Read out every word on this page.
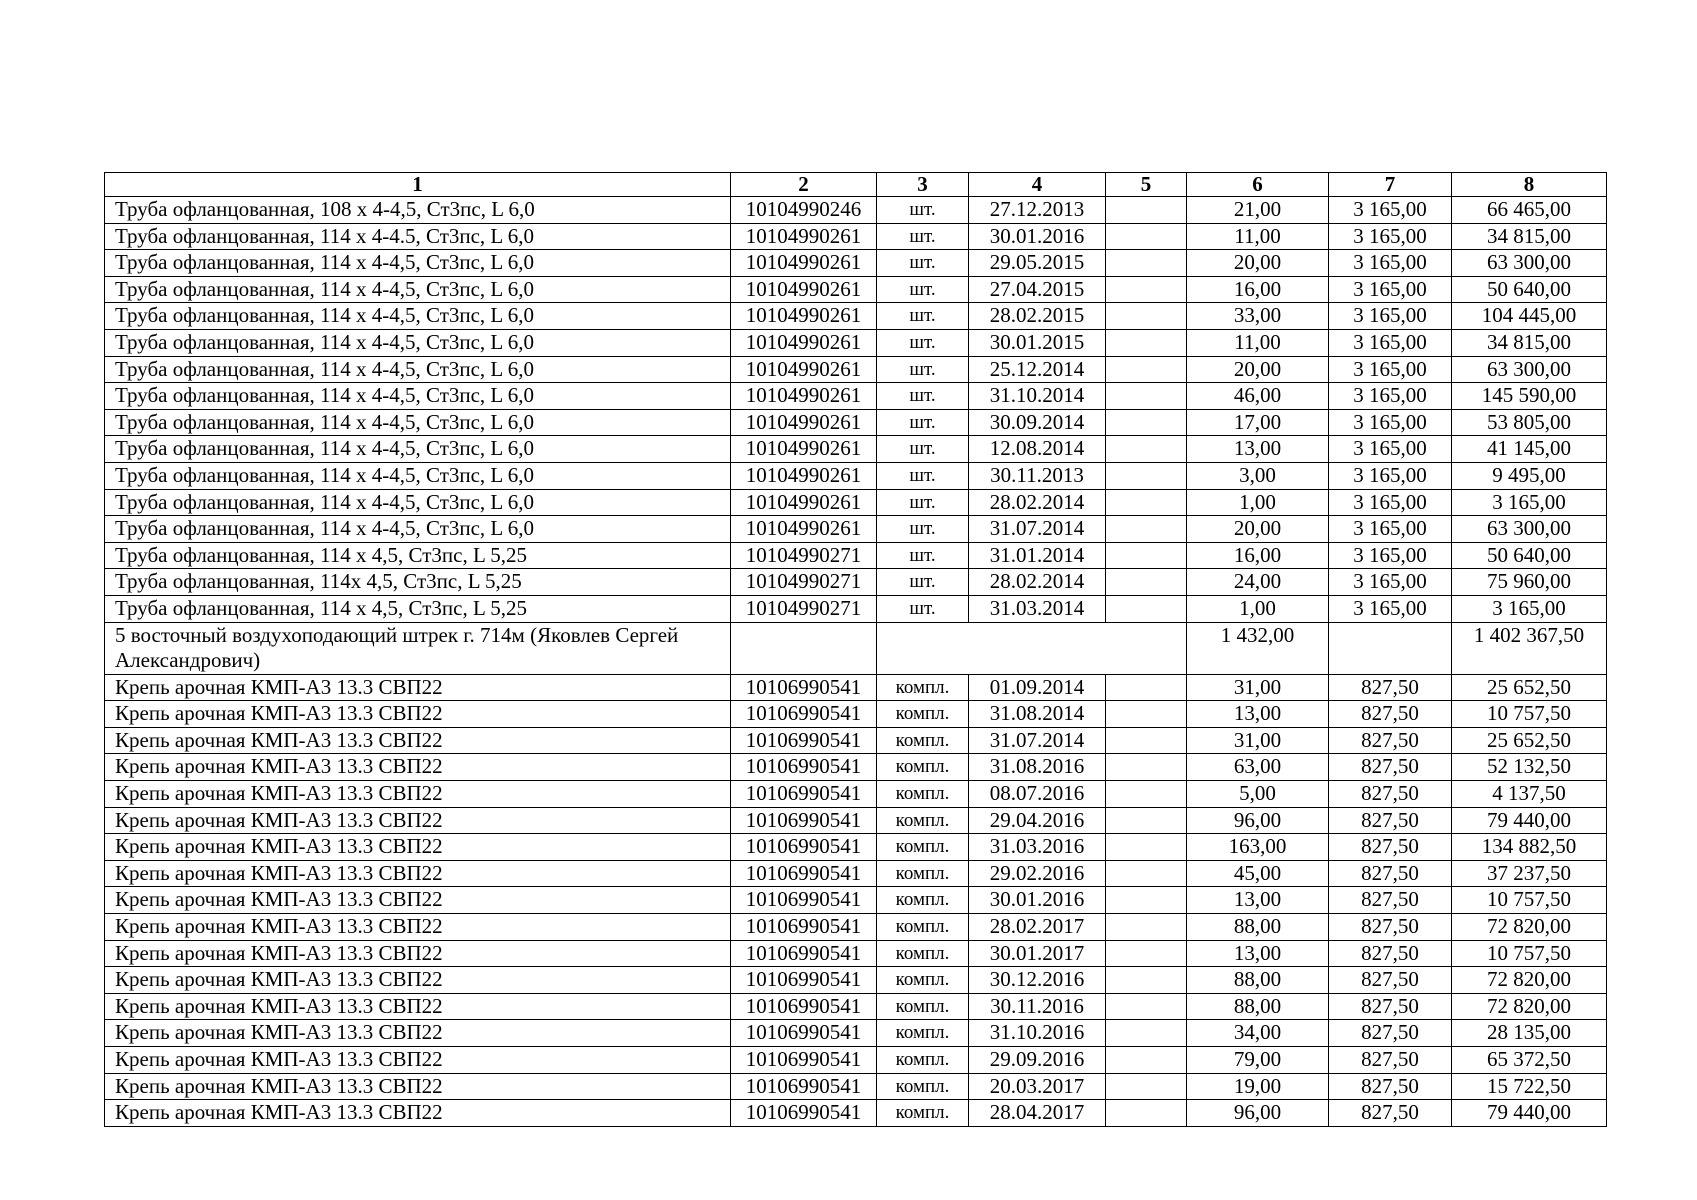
1	2	3	4	5	6	7	8
Труба офланцованная, 108 х 4-4,5, Ст3пс, L 6,0	10104990246	шт.	27.12.2013		21,00	3 165,00	66 465,00
Труба офланцованная, 114 х 4-4.5, Ст3пс, L 6,0	10104990261	шт.	30.01.2016		11,00	3 165,00	34 815,00
Труба офланцованная, 114 х 4-4,5, Ст3пс, L 6,0	10104990261	шт.	29.05.2015		20,00	3 165,00	63 300,00
Труба офланцованная, 114 х 4-4,5, Ст3пс, L 6,0	10104990261	шт.	27.04.2015		16,00	3 165,00	50 640,00
Труба офланцованная, 114 х 4-4,5, Ст3пс, L 6,0	10104990261	шт.	28.02.2015		33,00	3 165,00	104 445,00
Труба офланцованная, 114 х 4-4,5, Ст3пс, L 6,0	10104990261	шт.	30.01.2015		11,00	3 165,00	34 815,00
Труба офланцованная, 114 х 4-4,5, Ст3пс, L 6,0	10104990261	шт.	25.12.2014		20,00	3 165,00	63 300,00
Труба офланцованная, 114 х 4-4,5, Ст3пс, L 6,0	10104990261	шт.	31.10.2014		46,00	3 165,00	145 590,00
Труба офланцованная, 114 х 4-4,5, Ст3пс, L 6,0	10104990261	шт.	30.09.2014		17,00	3 165,00	53 805,00
Труба офланцованная, 114 х 4-4,5, Ст3пс, L 6,0	10104990261	шт.	12.08.2014		13,00	3 165,00	41 145,00
Труба офланцованная, 114 х 4-4,5, Ст3пс, L 6,0	10104990261	шт.	30.11.2013		3,00	3 165,00	9 495,00
Труба офланцованная, 114 х 4-4,5, Ст3пс, L 6,0	10104990261	шт.	28.02.2014		1,00	3 165,00	3 165,00
Труба офланцованная, 114 х 4-4,5, Ст3пс, L 6,0	10104990261	шт.	31.07.2014		20,00	3 165,00	63 300,00
Труба офланцованная, 114 х 4,5, Ст3пс, L 5,25	10104990271	шт.	31.01.2014		16,00	3 165,00	50 640,00
Труба офланцованная, 114х 4,5, Ст3пс, L 5,25	10104990271	шт.	28.02.2014		24,00	3 165,00	75 960,00
Труба офланцованная, 114 х 4,5, Ст3пс, L 5,25	10104990271	шт.	31.03.2014		1,00	3 165,00	3 165,00
5 восточный воздухоподающий штрек г. 714м (Яковлев Сергей Александрович)					1 432,00		1 402 367,50
Крепь арочная КМП-А3 13.3 СВП22	10106990541	компл.	01.09.2014		31,00	827,50	25 652,50
Крепь арочная КМП-А3 13.3 СВП22	10106990541	компл.	31.08.2014		13,00	827,50	10 757,50
Крепь арочная КМП-А3 13.3 СВП22	10106990541	компл.	31.07.2014		31,00	827,50	25 652,50
Крепь арочная КМП-А3 13.3 СВП22	10106990541	компл.	31.08.2016		63,00	827,50	52 132,50
Крепь арочная КМП-А3 13.3 СВП22	10106990541	компл.	08.07.2016		5,00	827,50	4 137,50
Крепь арочная КМП-А3 13.3 СВП22	10106990541	компл.	29.04.2016		96,00	827,50	79 440,00
Крепь арочная КМП-А3 13.3 СВП22	10106990541	компл.	31.03.2016		163,00	827,50	134 882,50
Крепь арочная КМП-А3 13.3 СВП22	10106990541	компл.	29.02.2016		45,00	827,50	37 237,50
Крепь арочная КМП-А3 13.3 СВП22	10106990541	компл.	30.01.2016		13,00	827,50	10 757,50
Крепь арочная КМП-А3 13.3 СВП22	10106990541	компл.	28.02.2017		88,00	827,50	72 820,00
Крепь арочная КМП-А3 13.3 СВП22	10106990541	компл.	30.01.2017		13,00	827,50	10 757,50
Крепь арочная КМП-А3 13.3 СВП22	10106990541	компл.	30.12.2016		88,00	827,50	72 820,00
Крепь арочная КМП-А3 13.3 СВП22	10106990541	компл.	30.11.2016		88,00	827,50	72 820,00
Крепь арочная КМП-А3 13.3 СВП22	10106990541	компл.	31.10.2016		34,00	827,50	28 135,00
Крепь арочная КМП-А3 13.3 СВП22	10106990541	компл.	29.09.2016		79,00	827,50	65 372,50
Крепь арочная КМП-А3 13.3 СВП22	10106990541	компл.	20.03.2017		19,00	827,50	15 722,50
Крепь арочная КМП-А3 13.3 СВП22	10106990541	компл.	28.04.2017		96,00	827,50	79 440,00
